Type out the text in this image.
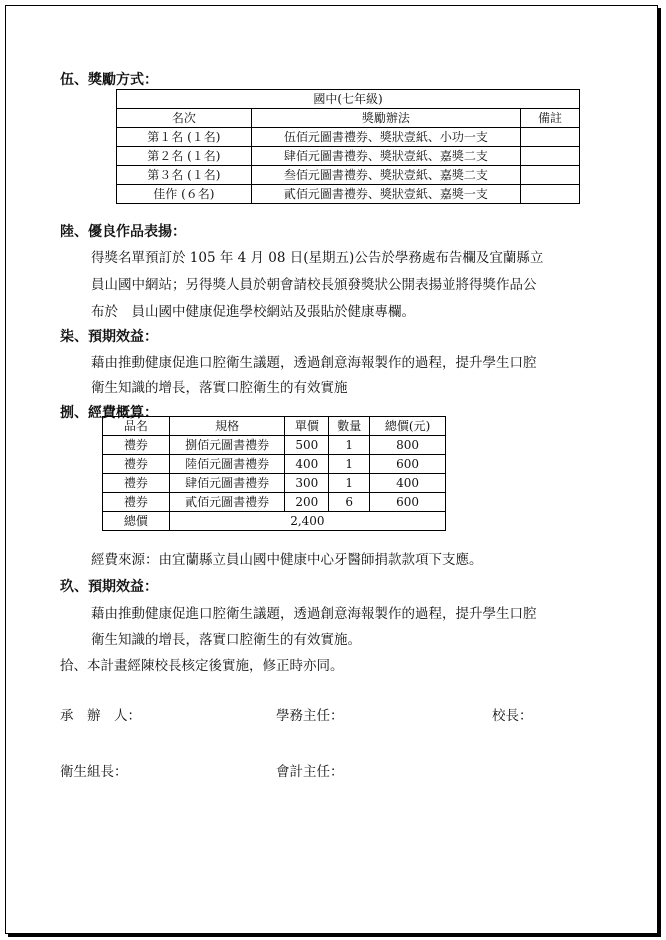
伍、獎勵方式：
國中(七年級)		
名次	獎勵辦法	備註
第１名 (１名)	伍佰元圖書禮券、獎狀壹紙、小功一支	
第２名 (１名)	肆佰元圖書禮券、獎狀壹紙、嘉獎二支	
第３名 (１名)	叁佰元圖書禮券、獎狀壹紙、嘉獎二支	
佳作 (６名)	貳佰元圖書禮券、獎狀壹紙、嘉獎一支	
陸、優良作品表揚：
得獎名單預訂於 105 年 4 月 08 日(星期五)公告於學務處布告欄及宜蘭縣立
員山國中網站；另得獎人員於朝會請校長頒發獎狀公開表揚並將得獎作品公
布於　員山國中健康促進學校網站及張貼於健康專欄。
柒、預期效益：
藉由推動健康促進口腔衛生議題，透過創意海報製作的過程，提升學生口腔
衛生知識的增長，落實口腔衛生的有效實施
捌、經費概算：
品名	規格	單價	數量	總價(元)
禮券	捌佰元圖書禮券	500	1	800
禮券	陸佰元圖書禮券	400	1	600
禮券	肆佰元圖書禮券	300	1	400
禮券	貳佰元圖書禮券	200	6	600
總價	2,400			
經費來源：由宜蘭縣立員山國中健康中心牙醫師捐款款項下支應。
玖、預期效益：
藉由推動健康促進口腔衛生議題，透過創意海報製作的過程，提升學生口腔
衛生知識的增長，落實口腔衛生的有效實施。
拾、本計畫經陳校長核定後實施，修正時亦同。
承　辦　人：	學務主任：	校長：
衛生組長：	會計主任：
